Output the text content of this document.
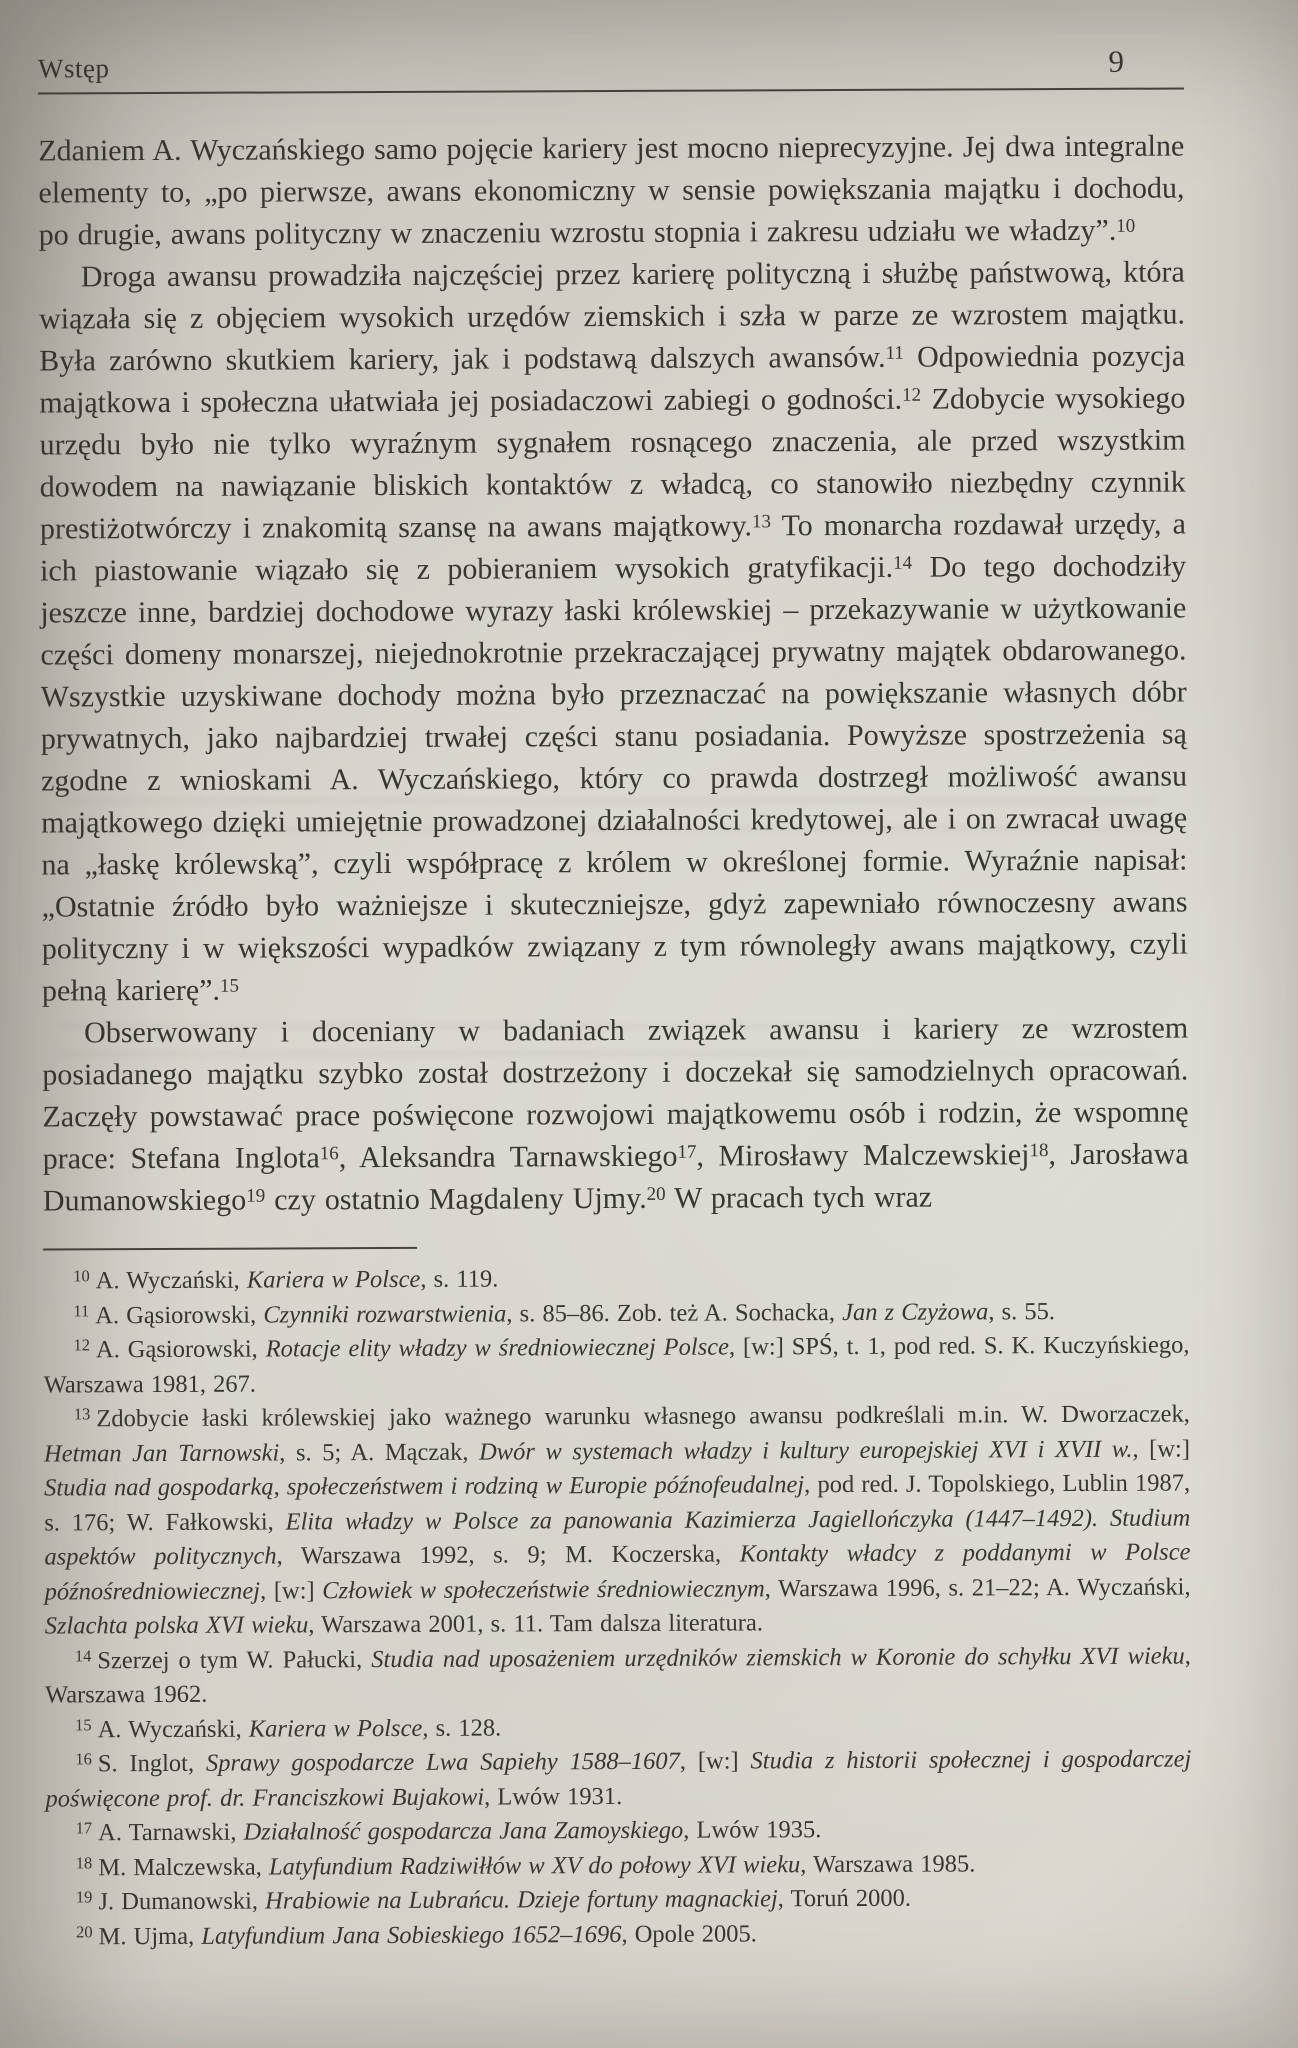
Wstęp	9

Zdaniem A. Wyczańskiego samo pojęcie kariery jest mocno nieprecyzyjne. Jej dwa integralne elementy to, „po pierwsze, awans ekonomiczny w sensie powiększania majątku i dochodu, po drugie, awans polityczny w znaczeniu wzrostu stopnia i zakresu udziału we władzy”.$^{10}$

Droga awansu prowadziła najczęściej przez karierę polityczną i służbę państwową, która wiązała się z objęciem wysokich urzędów ziemskich i szła w parze ze wzrostem majątku. Była zarówno skutkiem kariery, jak i podstawą dalszych awansów.$^{11}$ Odpowiednia pozycja majątkowa i społeczna ułatwiała jej posiadaczowi zabiegi o godności.$^{12}$ Zdobycie wysokiego urzędu było nie tylko wyraźnym sygnałem rosnącego znaczenia, ale przed wszystkim dowodem na nawiązanie bliskich kontaktów z władcą, co stanowiło niezbędny czynnik prestiżotwórczy i znakomitą szansę na awans majątkowy.$^{13}$ To monarcha rozdawał urzędy, a ich piastowanie wiązało się z pobieraniem wysokich gratyfikacji.$^{14}$ Do tego dochodziły jeszcze inne, bardziej dochodowe wyrazy łaski królewskiej – przekazywanie w użytkowanie części domeny monarszej, niejednokrotnie przekraczającej prywatny majątek obdarowanego. Wszystkie uzyskiwane dochody można było przeznaczać na powiększanie własnych dóbr prywatnych, jako najbardziej trwałej części stanu posiadania. Powyższe spostrzeżenia są zgodne z wnioskami A. Wyczańskiego, który co prawda dostrzegł możliwość awansu majątkowego dzięki umiejętnie prowadzonej działalności kredytowej, ale i on zwracał uwagę na „łaskę królewską”, czyli współpracę z królem w określonej formie. Wyraźnie napisał: „Ostatnie źródło było ważniejsze i skuteczniejsze, gdyż zapewniało równoczesny awans polityczny i w większości wypadków związany z tym równoległy awans majątkowy, czyli pełną karierę”.$^{15}$

Obserwowany i doceniany w badaniach związek awansu i kariery ze wzrostem posiadanego majątku szybko został dostrzeżony i doczekał się samodzielnych opracowań. Zaczęły powstawać prace poświęcone rozwojowi majątkowemu osób i rodzin, że wspomnę prace: Stefana Inglota$^{16}$, Aleksandra Tarnawskiego$^{17}$, Mirosławy Malczewskiej$^{18}$, Jarosława Dumanowskiego$^{19}$ czy ostatnio Magdaleny Ujmy.$^{20}$ W pracach tych wraz

$^{10}$ A. Wyczański, Kariera w Polsce, s. 119.

$^{11}$ A. Gąsiorowski, Czynniki rozwarstwienia, s. 85–86. Zob. też A. Sochacka, Jan z Czyżowa, s. 55.

$^{12}$ A. Gąsiorowski, Rotacje elity władzy w średniowiecznej Polsce, [w:] SPŚ, t. 1, pod red. S. K. Kuczyńskiego, Warszawa 1981, 267.

$^{13}$ Zdobycie łaski królewskiej jako ważnego warunku własnego awansu podkreślali m.in. W. Dworzaczek, Hetman Jan Tarnowski, s. 5; A. Mączak, Dwór w systemach władzy i kultury europejskiej XVI i XVII w., [w:] Studia nad gospodarką, społeczeństwem i rodziną w Europie późnofeudalnej, pod red. J. Topolskiego, Lublin 1987, s. 176; W. Fałkowski, Elita władzy w Polsce za panowania Kazimierza Jagiellończyka (1447–1492). Studium aspektów politycznych, Warszawa 1992, s. 9; M. Koczerska, Kontakty władcy z poddanymi w Polsce późnośredniowiecznej, [w:] Człowiek w społeczeństwie średniowiecznym, Warszawa 1996, s. 21–22; A. Wyczański, Szlachta polska XVI wieku, Warszawa 2001, s. 11. Tam dalsza literatura.

$^{14}$ Szerzej o tym W. Pałucki, Studia nad uposażeniem urzędników ziemskich w Koronie do schyłku XVI wieku, Warszawa 1962.

$^{15}$ A. Wyczański, Kariera w Polsce, s. 128.

$^{16}$ S. Inglot, Sprawy gospodarcze Lwa Sapiehy 1588–1607, [w:] Studia z historii społecznej i gospodarczej poświęcone prof. dr. Franciszkowi Bujakowi, Lwów 1931.

$^{17}$ A. Tarnawski, Działalność gospodarcza Jana Zamoyskiego, Lwów 1935.

$^{18}$ M. Malczewska, Latyfundium Radziwiłłów w XV do połowy XVI wieku, Warszawa 1985.

$^{19}$ J. Dumanowski, Hrabiowie na Lubrańcu. Dzieje fortuny magnackiej, Toruń 2000.

$^{20}$ M. Ujma, Latyfundium Jana Sobieskiego 1652–1696, Opole 2005.
